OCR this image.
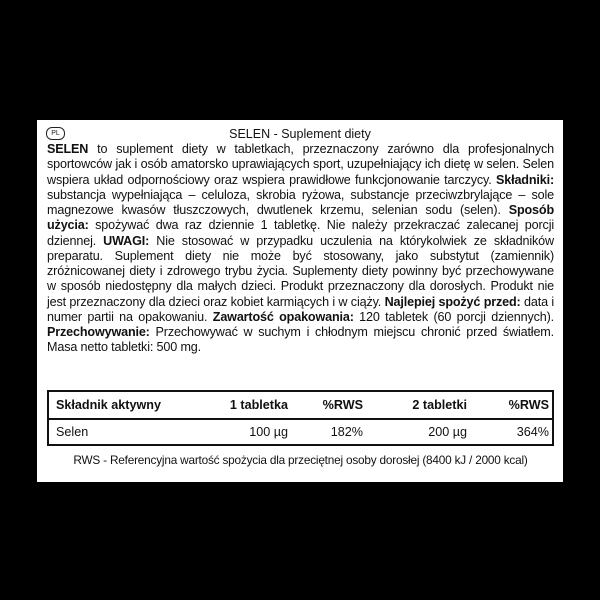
PL	SELEN - Suplement diety
SELEN to suplement diety w tabletkach, przeznaczony zarówno dla profesjonalnych sportowców jak i osób amatorsko uprawiających sport, uzupełniający ich dietę w selen. Selen wspiera układ odpornościowy oraz wspiera prawidłowe funkcjonowanie tarczycy. Składniki: substancja wypełniająca – celuloza, skrobia ryżowa, substancje przeciwzbrylające – sole magnezowe kwasów tłuszczowych, dwutlenek krzemu, selenian sodu (selen). Sposób użycia: spożywać dwa raz dziennie 1 tabletkę. Nie należy przekraczać zalecanej porcji dziennej. UWAGI: Nie stosować w przypadku uczulenia na którykolwiek ze składników preparatu. Suplement diety nie może być stosowany, jako substytut (zamiennik) zróżnicowanej diety i zdrowego trybu życia. Suplementy diety powinny być przechowywane w sposób niedostępny dla małych dzieci. Produkt przeznaczony dla dorosłych. Produkt nie jest przeznaczony dla dzieci oraz kobiet karmiących i w ciąży. Najlepiej spożyć przed: data i numer partii na opakowaniu. Zawartość opakowania: 120 tabletek (60 porcji dziennych). Przechowywanie: Przechowywać w suchym i chłodnym miejscu chronić przed światłem. Masa netto tabletki: 500 mg.
Składnik aktywny	1 tabletka	%RWS	2 tabletki	%RWS
Selen	100 µg	182%	200 µg	364%
RWS - Referencyjna wartość spożycia dla przeciętnej osoby dorosłej (8400 kJ / 2000 kcal)
